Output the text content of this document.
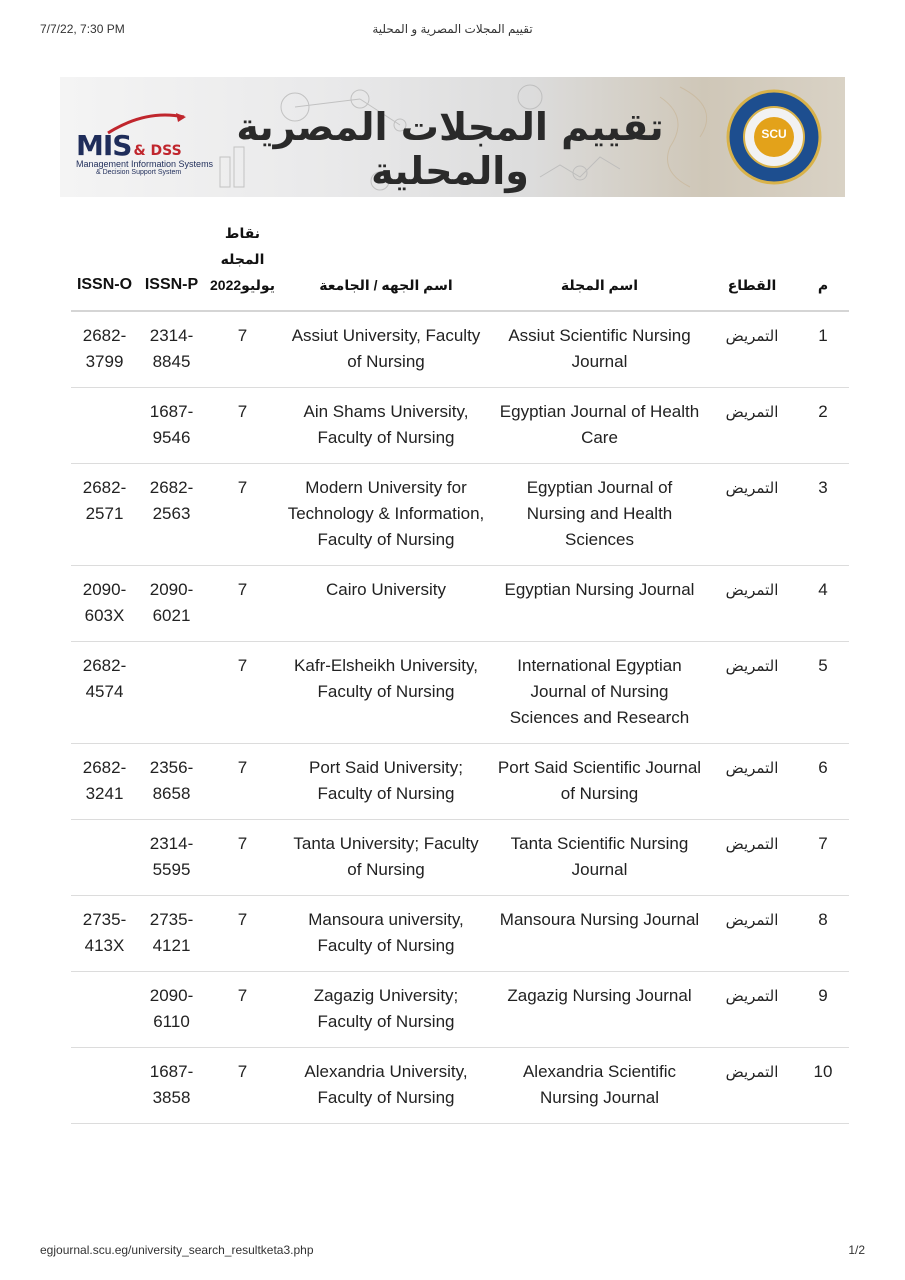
7/7/22, 7:30 PM	تقييم المجلات المصرية و المحلية
MIS & DSS
Management Information Systems
& Decision Support System
تقييم المجلات المصرية والمحلية
SCU
م	القطاع	اسم المجلة	اسم الجهه / الجامعة	نقاط المجله يوليو2022	ISSN-P	ISSN-O
1	التمريض	Assiut Scientific Nursing Journal	Assiut University, Faculty of Nursing	7	2314-8845	2682-3799
2	التمريض	Egyptian Journal of Health Care	Ain Shams University, Faculty of Nursing	7	1687-9546	
3	التمريض	Egyptian Journal of Nursing and Health Sciences	Modern University for Technology & Information, Faculty of Nursing	7	2682-2563	2682-2571
4	التمريض	Egyptian Nursing Journal	Cairo University	7	2090-6021	2090-603X
5	التمريض	International Egyptian Journal of Nursing Sciences and Research	Kafr-Elsheikh University, Faculty of Nursing	7		2682-4574
6	التمريض	Port Said Scientific Journal of Nursing	Port Said University; Faculty of Nursing	7	2356-8658	2682-3241
7	التمريض	Tanta Scientific Nursing Journal	Tanta University; Faculty of Nursing	7	2314-5595	
8	التمريض	Mansoura Nursing Journal	Mansoura university, Faculty of Nursing	7	2735-4121	2735-413X
9	التمريض	Zagazig Nursing Journal	Zagazig University; Faculty of Nursing	7	2090-6110	
10	التمريض	Alexandria Scientific Nursing Journal	Alexandria University, Faculty of Nursing	7	1687-3858	
egjournal.scu.eg/university_search_resultketa3.php	1/2
